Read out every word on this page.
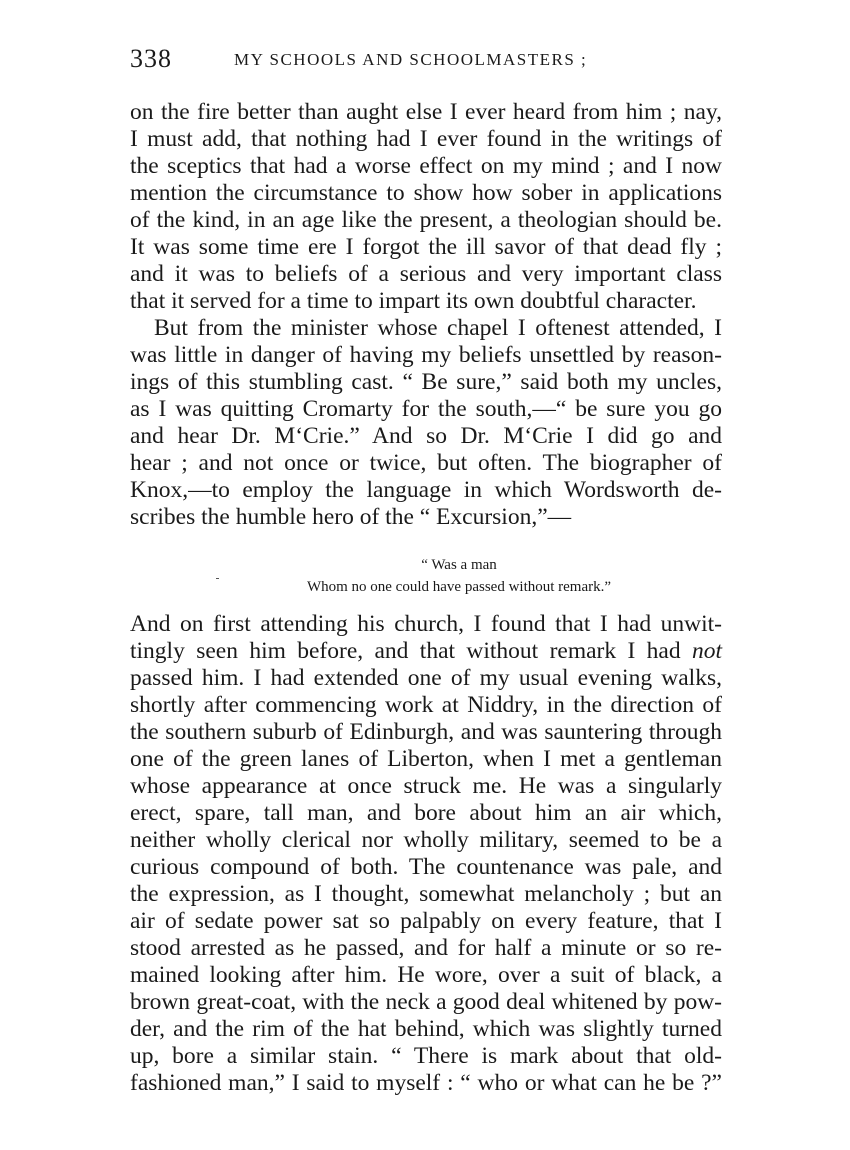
338	MY SCHOOLS AND SCHOOLMASTERS ;
on the fire better than aught else I ever heard from him ; nay,
I must add, that nothing had I ever found in the writings of
the sceptics that had a worse effect on my mind ; and I now
mention the circumstance to show how sober in applications
of the kind, in an age like the present, a theologian should be.
It was some time ere I forgot the ill savor of that dead fly ;
and it was to beliefs of a serious and very important class
that it served for a time to impart its own doubtful character.
But from the minister whose chapel I oftenest attended, I
was little in danger of having my beliefs unsettled by reason-
ings of this stumbling cast. “ Be sure,” said both my uncles,
as I was quitting Cromarty for the south,—“ be sure you go
and hear Dr. M‘Crie.” And so Dr. M‘Crie I did go and
hear ; and not once or twice, but often. The biographer of
Knox,—to employ the language in which Wordsworth de-
scribes the humble hero of the “ Excursion,”—
“ Was a man
Whom no one could have passed without remark.”
And on first attending his church, I found that I had unwit-
tingly seen him before, and that without remark I had not
passed him. I had extended one of my usual evening walks,
shortly after commencing work at Niddry, in the direction of
the southern suburb of Edinburgh, and was sauntering through
one of the green lanes of Liberton, when I met a gentleman
whose appearance at once struck me. He was a singularly
erect, spare, tall man, and bore about him an air which,
neither wholly clerical nor wholly military, seemed to be a
curious compound of both. The countenance was pale, and
the expression, as I thought, somewhat melancholy ; but an
air of sedate power sat so palpably on every feature, that I
stood arrested as he passed, and for half a minute or so re-
mained looking after him. He wore, over a suit of black, a
brown great-coat, with the neck a good deal whitened by pow-
der, and the rim of the hat behind, which was slightly turned
up, bore a similar stain. “ There is mark about that old-
fashioned man,” I said to myself : “ who or what can he be ?”
